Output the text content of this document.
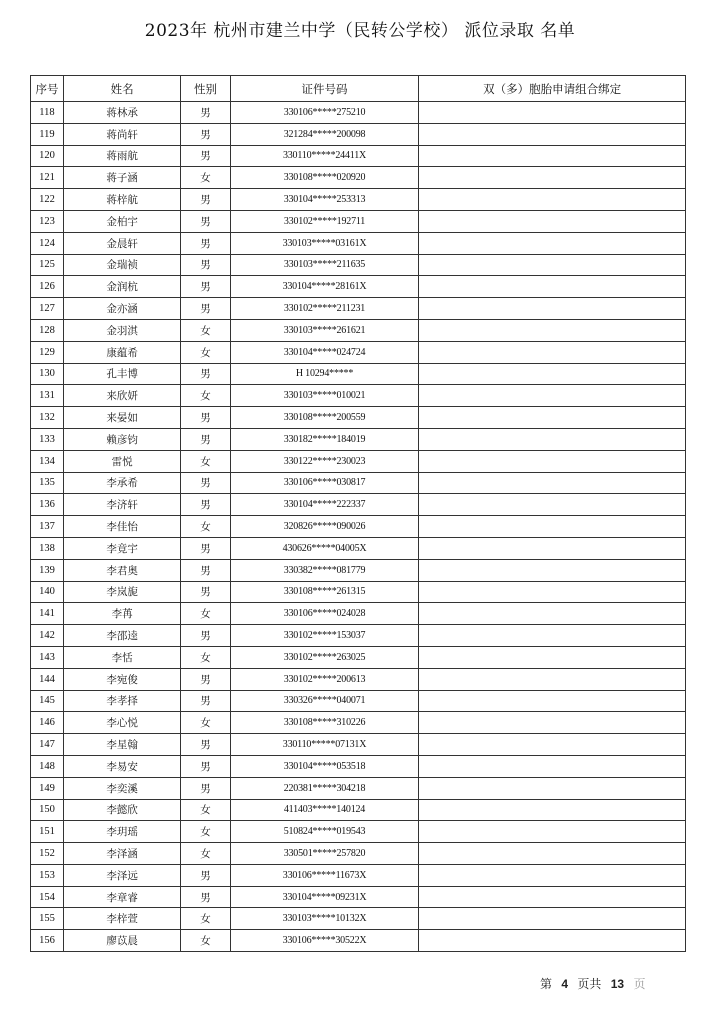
2023年 杭州市建兰中学（民转公学校） 派位录取 名单
序号	姓名	性别	证件号码	双（多）胞胎申请组合绑定
118	蒋林承	男	330106*****275210	
119	蒋尚轩	男	321284*****200098	
120	蒋雨航	男	330110*****24411X	
121	蒋子涵	女	330108*****020920	
122	蒋梓航	男	330104*****253313	
123	金柏宇	男	330102*****192711	
124	金晨轩	男	330103*****03161X	
125	金瑞祯	男	330103*****211635	
126	金润杭	男	330104*****28161X	
127	金亦涵	男	330102*****211231	
128	金羽淇	女	330103*****261621	
129	康蕴希	女	330104*****024724	
130	孔丰博	男	H 10294*****	
131	来欣妍	女	330103*****010021	
132	来晏如	男	330108*****200559	
133	赖彦钧	男	330182*****184019	
134	雷悦	女	330122*****230023	
135	李承希	男	330106*****030817	
136	李济轩	男	330104*****222337	
137	李佳怡	女	320826*****090026	
138	李竟宇	男	430626*****04005X	
139	李君奥	男	330382*****081779	
140	李岚旎	男	330108*****261315	
141	李苒	女	330106*****024028	
142	李邵逵	男	330102*****153037	
143	李恬	女	330102*****263025	
144	李宛俊	男	330102*****200613	
145	李孝择	男	330326*****040071	
146	李心悦	女	330108*****310226	
147	李星翰	男	330110*****07131X	
148	李易安	男	330104*****053518	
149	李奕溪	男	220381*****304218	
150	李懿欣	女	411403*****140124	
151	李玥瑶	女	510824*****019543	
152	李泽涵	女	330501*****257820	
153	李泽远	男	330106*****11673X	
154	李章睿	男	330104*****09231X	
155	李梓萱	女	330103*****10132X	
156	廖苡晨	女	330106*****30522X	
第 4 页共 13 页
